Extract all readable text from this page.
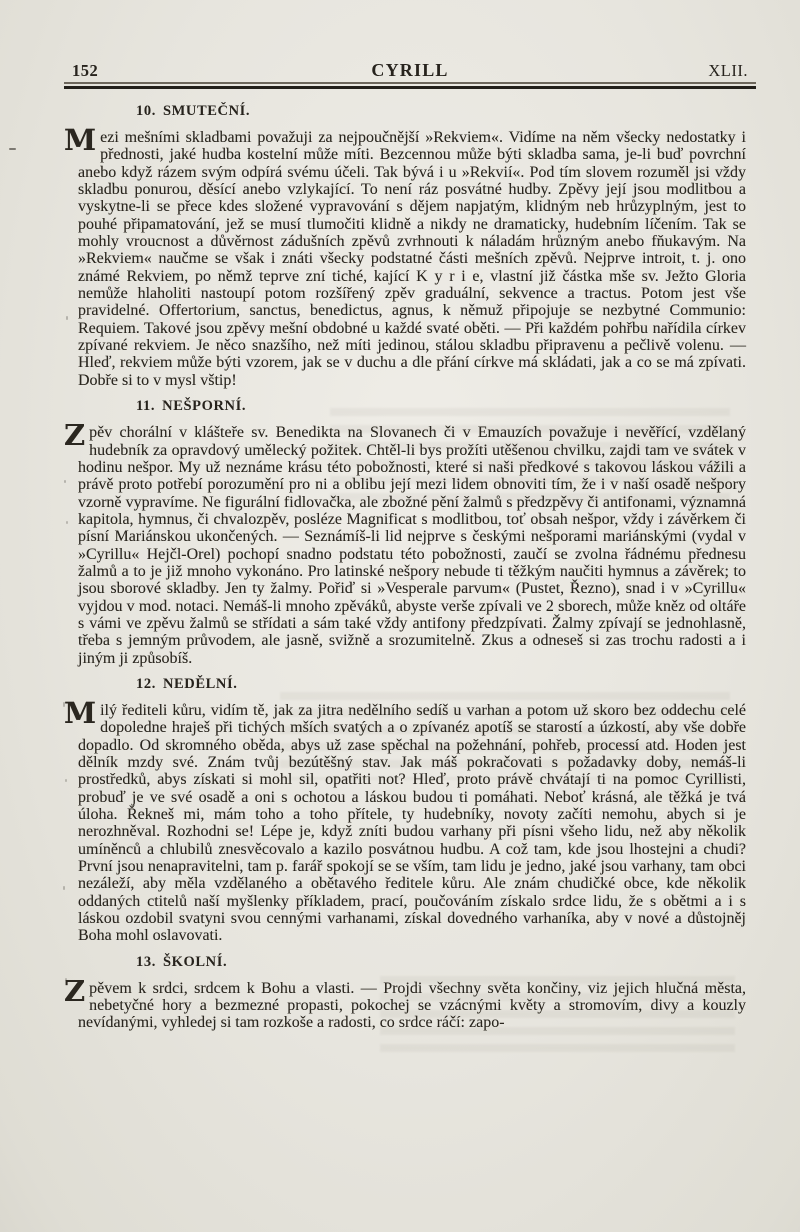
152	CYRILL	XLII.
10. SMUTEČNÍ.

Mezi mešními skladbami považuji za nejpoučnější »Rekviem«. Vidíme na něm všecky nedostatky i přednosti, jaké hudba kostelní může míti. Bezcennou může býti skladba sama, je-li buď povrchní anebo když rázem svým odpírá svému účeli. Tak bývá i u »Rekvií«. Pod tím slovem rozuměl jsi vždy skladbu ponurou, děsící anebo vzlykající. To není ráz posvátné hudby. Zpěvy její jsou modlitbou a vyskytne-li se přece kdes složené vypravování s dějem napjatým, klidným neb hrůzyplným, jest to pouhé připamatování, jež se musí tlumočiti klidně a nikdy ne dramaticky, hudebním líčením. Tak se mohly vroucnost a důvěrnost zádušních zpěvů zvrhnouti k náladám hrůzným anebo fňukavým. Na »Rekviem« naučme se však i znáti všecky podstatné části mešních zpěvů. Nejprve introit, t. j. ono známé Rekviem, po němž teprve zní tiché, kající K y r i e, vlastní již částka mše sv. Ježto Gloria nemůže hlaholiti nastoupí potom rozšířený zpěv graduální, sekvence a tractus. Potom jest vše pravidelné. Offertorium, sanctus, benedictus, agnus, k němuž připojuje se nezbytné Communio: Requiem. Takové jsou zpěvy mešní obdobné u každé svaté oběti. — Při každém pohřbu nařídila církev zpívané rekviem. Je něco snazšího, než míti jedinou, stálou skladbu připravenu a pečlivě volenu. — Hleď, rekviem může býti vzorem, jak se v duchu a dle přání církve má skládati, jak a co se má zpívati. Dobře si to v mysl vštip!

11. NEŠPORNÍ.

Zpěv chorální v klášteře sv. Benedikta na Slovanech či v Emauzích považuje i nevěřící, vzdělaný hudebník za opravdový umělecký požitek. Chtěl-li bys prožíti utěšenou chvilku, zajdi tam ve svátek v hodinu nešpor. My už neznáme krásu této pobožnosti, které si naši předkové s takovou láskou vážili a právě proto potřebí porozumění pro ni a oblibu její mezi lidem obnoviti tím, že i v naší osadě nešpory vzorně vypravíme. Ne figurální fidlovačka, ale zbožné pění žalmů s předzpěvy či antifonami, významná kapitola, hymnus, či chvalozpěv, posléze Magnificat s modlitbou, toť obsah nešpor, vždy i závěrkem či písní Mariánskou ukončených. — Seznámíš-li lid nejprve s českými nešporami mariánskými (vydal v »Cyrillu« Hejčl-Orel) pochopí snadno podstatu této pobožnosti, zaučí se zvolna řádnému přednesu žalmů a to je již mnoho vykonáno. Pro latinské nešpory nebude ti těžkým naučiti hymnus a závěrek; to jsou sborové skladby. Jen ty žalmy. Pořiď si »Vesperale parvum« (Pustet, Řezno), snad i v »Cyrillu« vyjdou v mod. notaci. Nemáš-li mnoho zpěváků, abyste verše zpívali ve 2 sborech, může kněz od oltáře s vámi ve zpěvu žalmů se střídati a sám také vždy antifony předzpívati. Žalmy zpívají se jednohlasně, třeba s jemným průvodem, ale jasně, svižně a srozumitelně. Zkus a odneseš si zas trochu radosti a i jiným ji způsobíš.

12. NEDĚLNÍ.

Milý řediteli kůru, vidím tě, jak za jitra nedělního sedíš u varhan a potom už skoro bez oddechu celé dopoledne hraješ při tichých mších svatých a o zpívanéz apotíš se starostí a úzkostí, aby vše dobře dopadlo. Od skromného oběda, abys už zase spěchal na požehnání, pohřeb, processí atd. Hoden jest dělník mzdy své. Znám tvůj bezútěšný stav. Jak máš pokračovati s požadavky doby, nemáš-li prostředků, abys získati si mohl sil, opatřiti not? Hleď, proto právě chvátají ti na pomoc Cyrillisti, probuď je ve své osadě a oni s ochotou a láskou budou ti pomáhati. Neboť krásná, ale těžká je tvá úloha. Řekneš mi, mám toho a toho přítele, ty hudebníky, novoty začíti nemohu, abych si je nerozhněval. Rozhodni se! Lépe je, když zníti budou varhany při písni všeho lidu, než aby několik umíněnců a chlubilů znesvěcovalo a kazilo posvátnou hudbu. A což tam, kde jsou lhostejni a chudi? První jsou nenapravitelni, tam p. farář spokojí se se vším, tam lidu je jedno, jaké jsou varhany, tam obci nezáleží, aby měla vzdělaného a obětavého ředitele kůru. Ale znám chudičké obce, kde několik oddaných ctitelů naší myšlenky příkladem, prací, poučováním získalo srdce lidu, že s obětmi a i s láskou ozdobil svatyni svou cennými varhanami, získal dovedného varhaníka, aby v nové a důstojněj Boha mohl oslavovati.

13. ŠKOLNÍ.

Zpěvem k srdci, srdcem k Bohu a vlasti. — Projdi všechny světa končiny, viz jejich hlučná města, nebetyčné hory a bezmezné propasti, pokochej se vzácnými květy a stromovím, divy a kouzly nevídanými, vyhledej si tam rozkoše a radosti, co srdce ráčí: zapo-
